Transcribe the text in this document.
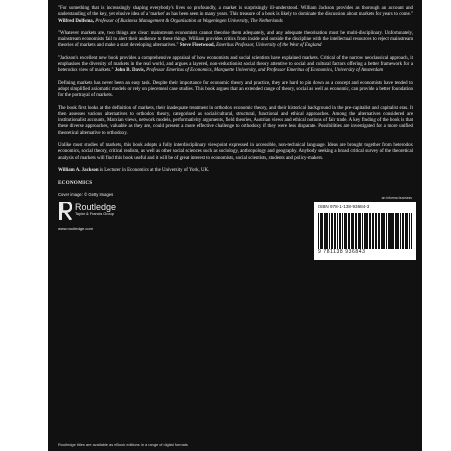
"For something that is increasingly shaping everybody's lives so profoundly, a market is surprisingly ill-understood. William Jackson provides as thorough an account and understanding of the key, yet elusive idea of a 'market' as has been seen in many years. This treasure of a book is likely to dominate the discussion about markets for years to come." Wilfred Dolfsma, Professor of Business Management & Organisation at Wageningen University, The Netherlands
"Whatever markets are, two things are clear: mainstream economists cannot theorise them adequately, and any adequate theorisation must be multi-disciplinary. Unfortunately, mainstream economists fail to alert their audience to these things. William provides critics from inside and outside the discipline with the intellectual resources to reject mainstream theories of markets and make a start developing alternatives." Steve Fleetwood, Emeritus Professor, University of the West of England
"Jackson's excellent new book provides a comprehensive appraisal of how economists and social scientists have explained markets. Critical of the narrow neoclassical approach, it emphasises the diversity of markets in the real world, and argues a layered, non-reductionist social theory attentive to social and cultural factors offering a better framework for a heterodox view of markets." John B. Davis, Professor Emeritus of Economics, Marquette University, and Professor Emeritus of Economics, University of Amsterdam

Defining markets has never been an easy task. Despite their importance for economic theory and practice, they are hard to pin down as a concept and economists have tended to adopt simplified axiomatic models or rely on piecemeal case studies. This book argues that an extended range of theory, social as well as economic, can provide a better foundation for the portrayal of markets.

The book first looks at the definition of markets, their inadequate treatment in orthodox economic theory, and their historical background in the pre-capitalist and capitalist eras. It then assesses various alternatives to orthodox theory, categorised as social/cultural, structural, functional and ethical approaches. Among the alternatives considered are institutionalist accounts, Marxian views, network models, performativity arguments, field theories, Austrian views and ethical notions of fair trade. A key finding of the book is that these diverse approaches, valuable as they are, could present a more effective challenge to orthodoxy if they were less disparate. Possibilities are investigated for a more unified theoretical alternative to orthodoxy.

Unlike most studies of markets, this book adopts a fully interdisciplinary viewpoint expressed in accessible, non-technical language. Ideas are brought together from heterodox economics, social theory, critical realism, as well as other social sciences such as sociology, anthropology and geography. Anybody seeking a broad critical survey of the theoretical analysis of markets will find this book useful and it will be of great interest to economists, social scientists, students and policy-makers.

William A. Jackson is Lecturer in Economics at the University of York, UK.
ECONOMICS
Cover image: © Getty Images
Routledge
Taylor & Francis Group
www.routledge.com
an informa business
ISBN 978-1-138-93684-3
9 781138 936843
Routledge titles are available as eBook editions in a range of digital formats
